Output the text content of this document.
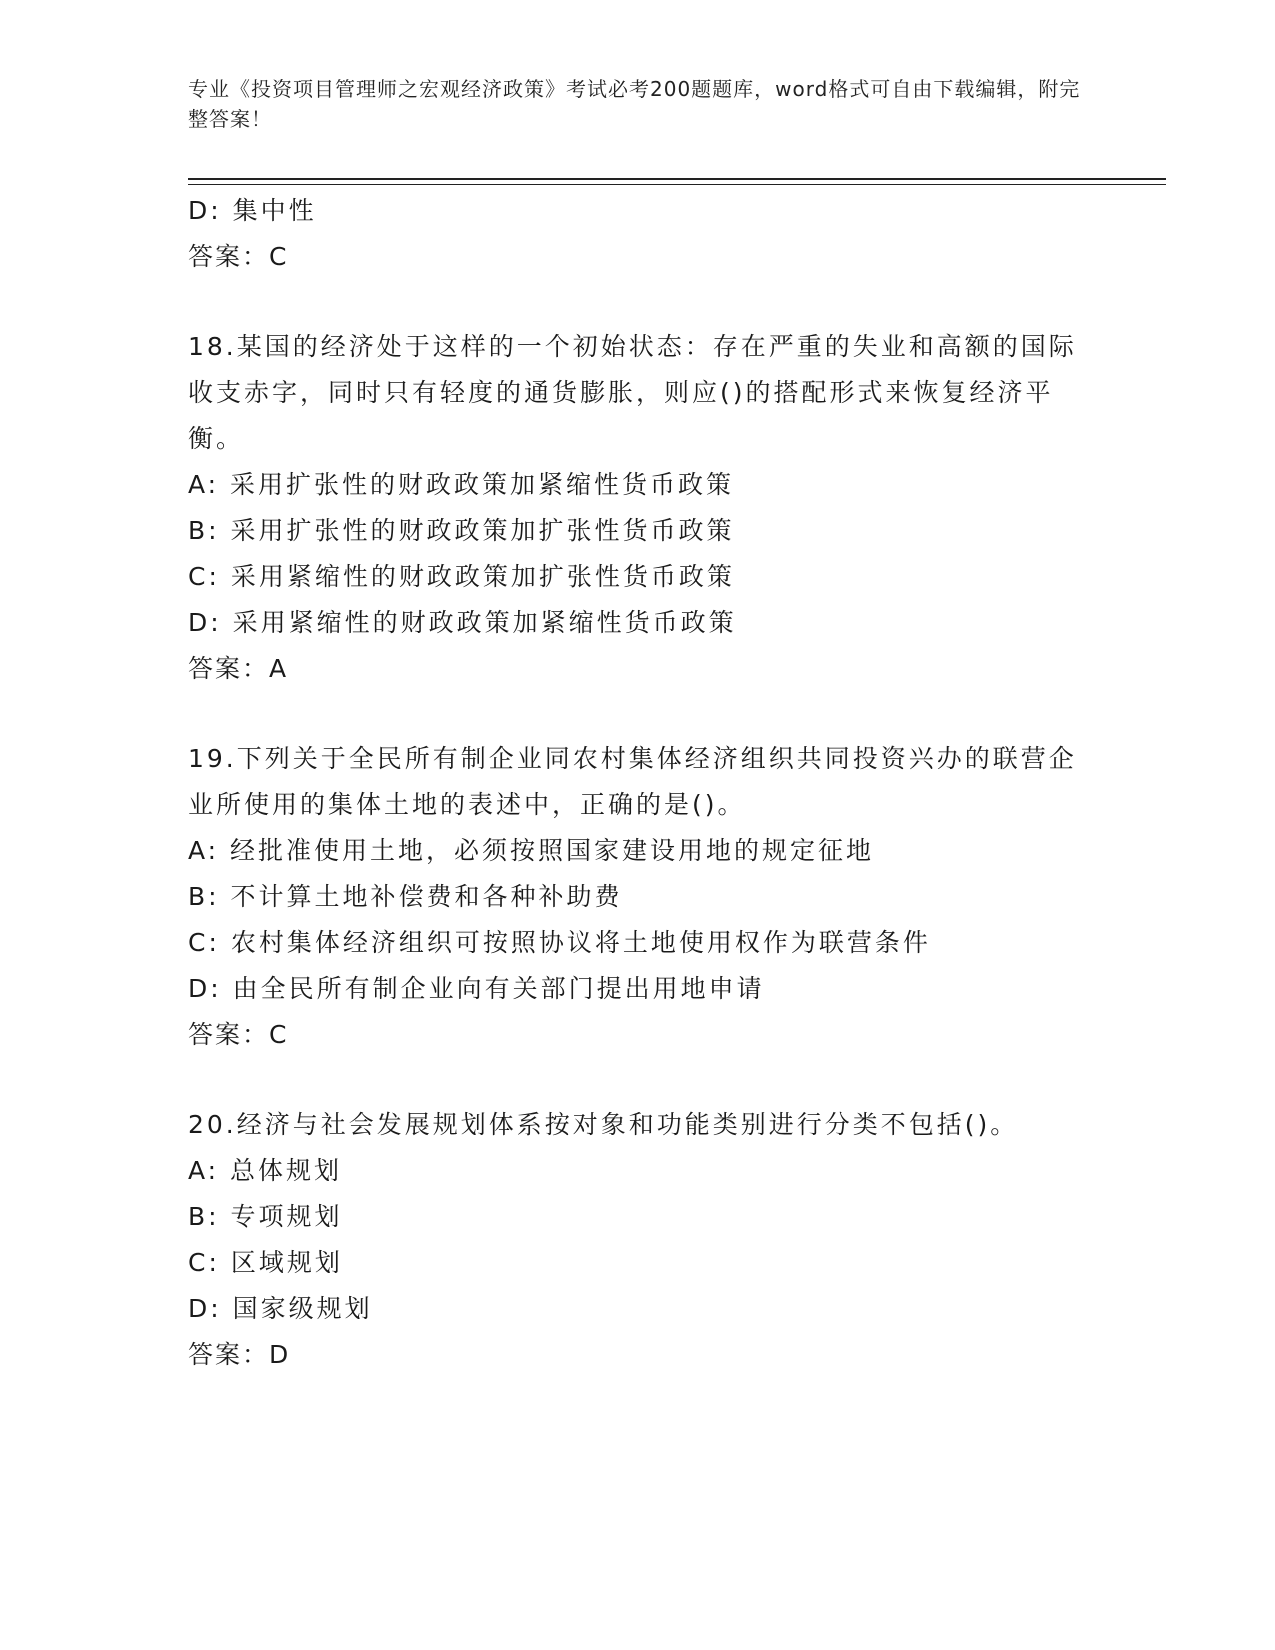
专业《投资项目管理师之宏观经济政策》考试必考200题题库，word格式可自由下载编辑，附完整答案！
D: 集中性
答案：C
18.某国的经济处于这样的一个初始状态：存在严重的失业和高额的国际收支赤字，同时只有轻度的通货膨胀，则应()的搭配形式来恢复经济平衡。
A: 采用扩张性的财政政策加紧缩性货币政策
B: 采用扩张性的财政政策加扩张性货币政策
C: 采用紧缩性的财政政策加扩张性货币政策
D: 采用紧缩性的财政政策加紧缩性货币政策
答案：A
19.下列关于全民所有制企业同农村集体经济组织共同投资兴办的联营企业所使用的集体土地的表述中，正确的是()。
A: 经批准使用土地，必须按照国家建设用地的规定征地
B: 不计算土地补偿费和各种补助费
C: 农村集体经济组织可按照协议将土地使用权作为联营条件
D: 由全民所有制企业向有关部门提出用地申请
答案：C
20.经济与社会发展规划体系按对象和功能类别进行分类不包括()。
A: 总体规划
B: 专项规划
C: 区域规划
D: 国家级规划
答案：D
